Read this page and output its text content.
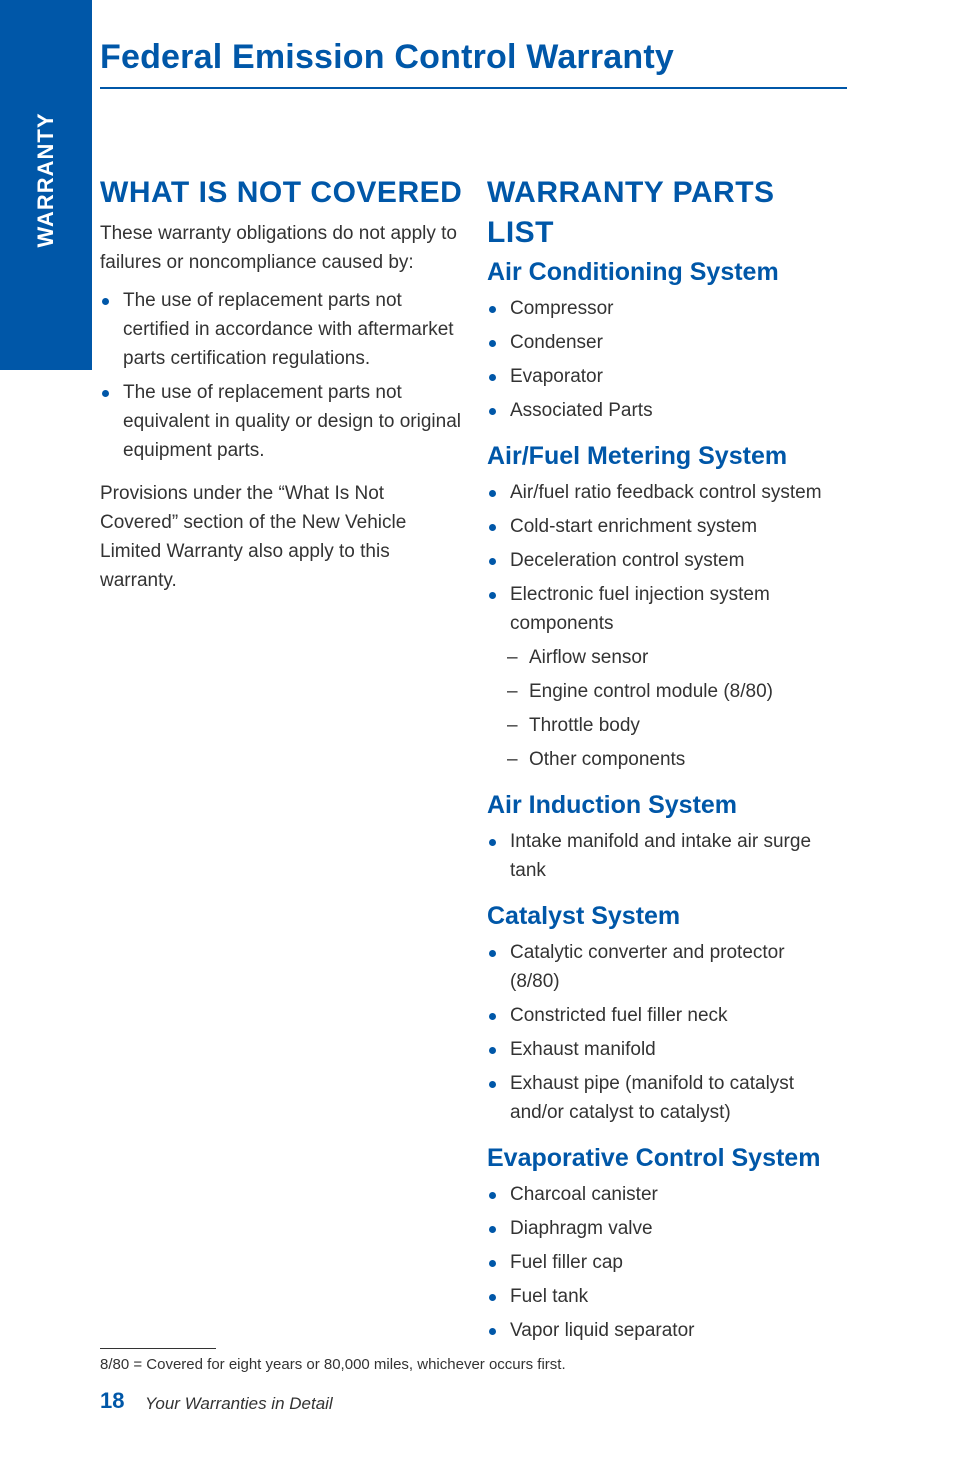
WARRANTY
Federal Emission Control Warranty
WHAT IS NOT COVERED

These warranty obligations do not apply to failures or noncompliance caused by:

The use of replacement parts not certified in accordance with aftermarket parts certification regulations.
The use of replacement parts not equivalent in quality or design to original equipment parts.

Provisions under the “What Is Not Covered” section of the New Vehicle Limited Warranty also apply to this warranty.

WARRANTY PARTS LIST
Air Conditioning System
Compressor
Condenser
Evaporator
Associated Parts
Air/Fuel Metering System
Air/fuel ratio feedback control system
Cold-start enrichment system
Deceleration control system
Electronic fuel injection system components
– Airflow sensor
– Engine control module (8/80)
– Throttle body
– Other components
Air Induction System
Intake manifold and intake air surge tank
Catalyst System
Catalytic converter and protector (8/80)
Constricted fuel filler neck
Exhaust manifold
Exhaust pipe (manifold to catalyst and/or catalyst to catalyst)
Evaporative Control System
Charcoal canister
Diaphragm valve
Fuel filler cap
Fuel tank
Vapor liquid separator
8/80 = Covered for eight years or 80,000 miles, whichever occurs first.
18 Your Warranties in Detail
